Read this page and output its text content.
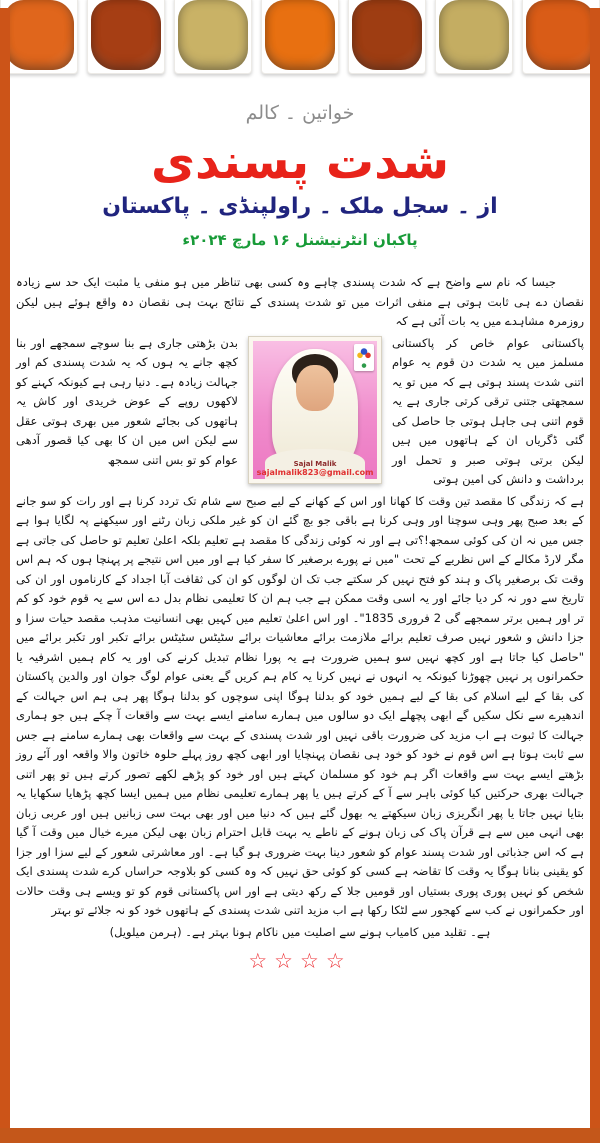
خواتین ۔ کالم
شدت پسندی
از ۔ سجل ملک ۔ راولپنڈی ۔ پاکستان
پاکبان انٹرنیشنل ۱۶ مارچ ۲۰۲۴ء

جیسا کہ نام سے واضح ہے کہ شدت پسندی چاہے وہ کسی بھی تناظر میں ہو منفی یا مثبت ایک حد سے زیادہ نقصان دے ہی ثابت ہوتی ہے منفی اثرات میں تو شدت پسندی کے نتائج بہت ہی نقصان دہ واقع ہوئے ہیں لیکن روزمرہ مشاہدے میں یہ بات آئی ہے کہ

پاکستانی عوام خاص کر پاکستانی مسلمز میں یہ شدت دن قوم یہ عوام اتنی شدت پسند ہوتی ہے کہ میں تو یہ سمجھتی جتنی ترقی کرتی جاری ہے یہ قوم اتنی ہی جاہل ہوتی جا حاصل کی گئی ڈگریاں ان کے ہاتھوں میں ہیں لیکن برتی ہوتی صبر و تحمل اور برداشت و دانش کی امین ہوتی
Sajal Malik
sajalmalik823@gmail.com
بدن بڑھتی جاری ہے بنا سوچے سمجھے اور بنا کچھ جانے یہ ہوں کہ یہ شدت پسندی کم اور جہالت زیادہ ہے۔ دنیا رہی ہے کیونکہ کہنے کو لاکھوں روپے کے عوض خریدی اور کاش یہ ہاتھوں کی بجائے شعور میں بھری ہوتی عقل سے لیکن اس میں ان کا بھی کیا قصور آدھی عوام کو تو بس اتنی سمجھ

ہے کہ زندگی کا مقصد تین وقت کا کھانا اور اس کے کھانے کے لیے صبح سے شام تک تردد کرنا ہے اور رات کو سو جانے کے بعد صبح پھر وہی سوچنا اور وہی کرنا ہے باقی جو بچ گئے ان کو غیر ملکی زبان رٹنے اور سیکھنے پہ لگایا ہوا ہے جس میں نہ ان کی کوئی سمجھ!؟تی ہے اور نہ کوئی زندگی کا مقصد ہے تعلیم بلکہ اعلیٰ تعلیم تو حاصل کی جاتی ہے مگر لارڈ مکالے کے اس نظریے کے تحت "میں نے پورے برصغیر کا سفر کیا ہے اور میں اس نتیجے پر پہنچا ہوں کہ ہم اس وقت تک برصغیر پاک و ہند کو فتح نہیں کر سکتے جب تک ان لوگوں کو ان کی ثقافت آبا اجداد کے کارناموں اور ان کی تاریخ سے دور نہ کر دیا جائے اور یہ اسی وقت ممکن ہے جب ہم ان کا تعلیمی نظام بدل دے اس سے یہ قوم خود کو کم تر اور ہمیں برتر سمجھے گی 2 فروری 1835"۔ اور اس اعلیٰ تعلیم میں کہیں بھی انسانیت مذہب مقصد حیات سزا و جزا دانش و شعور نہیں صرف تعلیم برائے ملازمت برائے معاشیات برائے سٹیٹس سٹیٹس برائے تکبر اور تکبر برائے میں "حاصل کیا جاتا ہے اور کچھ نہیں سو ہمیں ضرورت ہے یہ پورا نظام تبدیل کرنے کی اور یہ کام ہمیں اشرفیہ یا حکمرانوں پر نہیں چھوڑنا کیونکہ یہ انہوں نے نہیں کرنا یہ کام ہم کریں گے یعنی عوام لوگ جوان اور والدین پاکستان کی بقا کے لیے اسلام کی بقا کے لیے ہمیں خود کو بدلنا ہوگا اپنی سوچوں کو بدلنا ہوگا پھر ہی ہم اس جہالت کے اندھیرے سے نکل سکیں گے ابھی پچھلے ایک دو سالوں میں ہمارے سامنے ایسے بہت سے واقعات آ چکے ہیں جو ہماری جہالت کا ثبوت ہے اب مزید کی ضرورت باقی نہیں اور شدت پسندی کے بہت سے واقعات بھی ہمارے سامنے ہے جس سے ثابت ہوتا ہے اس قوم نے خود کو خود ہی نقصان پہنچایا اور ابھی کچھ روز پہلے حلوہ خاتون والا واقعہ اور آئے روز بڑھتے ایسے بہت سے واقعات اگر ہم خود کو مسلمان کہتے ہیں اور خود کو پڑھے لکھے تصور کرتے ہیں تو پھر اتنی جہالت بھری حرکتیں کیا کوئی باہر سے آ کے کرتے ہیں یا پھر ہمارے تعلیمی نظام میں ہمیں ایسا کچھ پڑھایا سکھایا یہ بتایا نہیں جاتا یا پھر انگریزی زبان سیکھتے یہ بھول گئے ہیں کہ دنیا میں اور بھی بہت سی زبانیں ہیں اور عربی زبان بھی انہی میں سے ہے قرآن پاک کی زبان ہونے کے ناطے یہ بہت قابل احترام زبان بھی لیکن میرے خیال میں وقت آ گیا ہے کہ اس جذباتی اور شدت پسند عوام کو شعور دینا بہت ضروری ہو گیا ہے۔ اور معاشرتی شعور کے لیے سزا اور جزا کو یقینی بنانا ہوگا یہ وقت کا تقاضہ ہے کسی کو کوئی حق نہیں کہ وہ کسی کو بلاوجہ حراساں کرے شدت پسندی ایک شخص کو نہیں پوری پوری بستیاں اور قومیں جلا کے رکھ دیتی ہے اور اس پاکستانی قوم کو تو ویسے ہی وقت حالات اور حکمرانوں نے کب سے کھجور سے لٹکا رکھا ہے اب مزید اتنی شدت پسندی کے ہاتھوں خود کو نہ جلائے تو بہتر

ہے۔ تقلید میں کامیاب ہونے سے اصلیت میں ناکام ہونا بہتر ہے۔ (ہرمن میلویل)

☆☆☆☆
